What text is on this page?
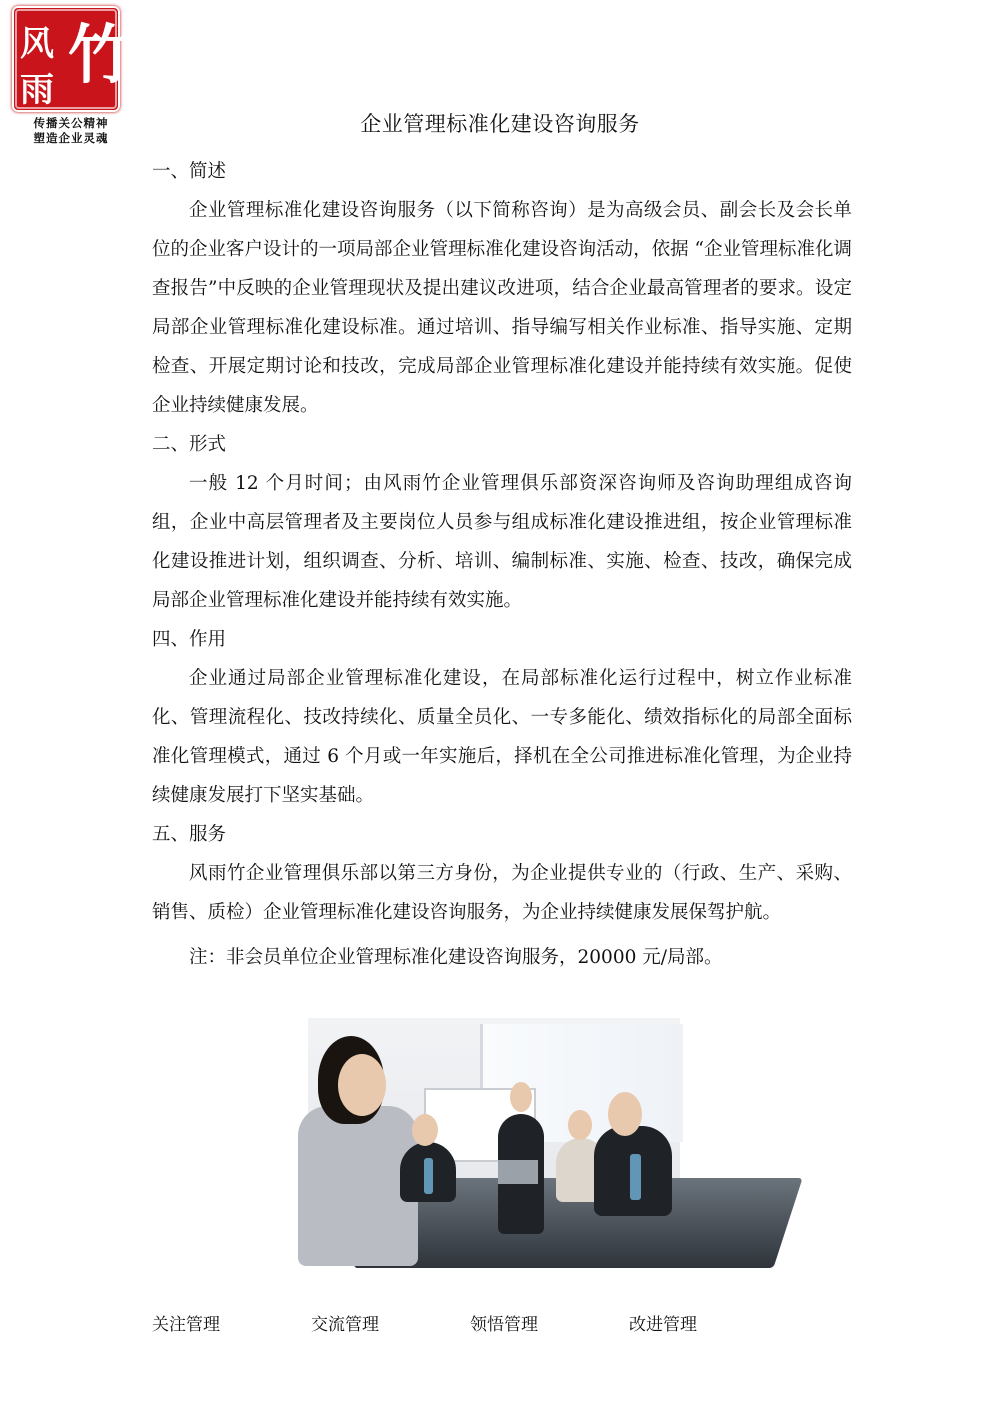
风
雨 竹
传播关公精神
塑造企业灵魂
企业管理标准化建设咨询服务

一、简述

企业管理标准化建设咨询服务（以下简称咨询）是为高级会员、副会长及会长单位的企业客户设计的一项局部企业管理标准化建设咨询活动，依据 “企业管理标准化调查报告”中反映的企业管理现状及提出建议改进项，结合企业最高管理者的要求。设定局部企业管理标准化建设标准。通过培训、指导编写相关作业标准、指导实施、定期检查、开展定期讨论和技改，完成局部企业管理标准化建设并能持续有效实施。促使企业持续健康发展。

二、形式

一般 12 个月时间；由风雨竹企业管理俱乐部资深咨询师及咨询助理组成咨询组，企业中高层管理者及主要岗位人员参与组成标准化建设推进组，按企业管理标准化建设推进计划，组织调查、分析、培训、编制标准、实施、检查、技改，确保完成局部企业管理标准化建设并能持续有效实施。

四、作用

企业通过局部企业管理标准化建设，在局部标准化运行过程中，树立作业标准化、管理流程化、技改持续化、质量全员化、一专多能化、绩效指标化的局部全面标准化管理模式，通过 6 个月或一年实施后，择机在全公司推进标准化管理，为企业持续健康发展打下坚实基础。

五、服务

风雨竹企业管理俱乐部以第三方身份，为企业提供专业的（行政、生产、采购、销售、质检）企业管理标准化建设咨询服务，为企业持续健康发展保驾护航。

注：非会员单位企业管理标准化建设咨询服务，20000 元/局部。

关注管理	交流管理	领悟管理	改进管理
